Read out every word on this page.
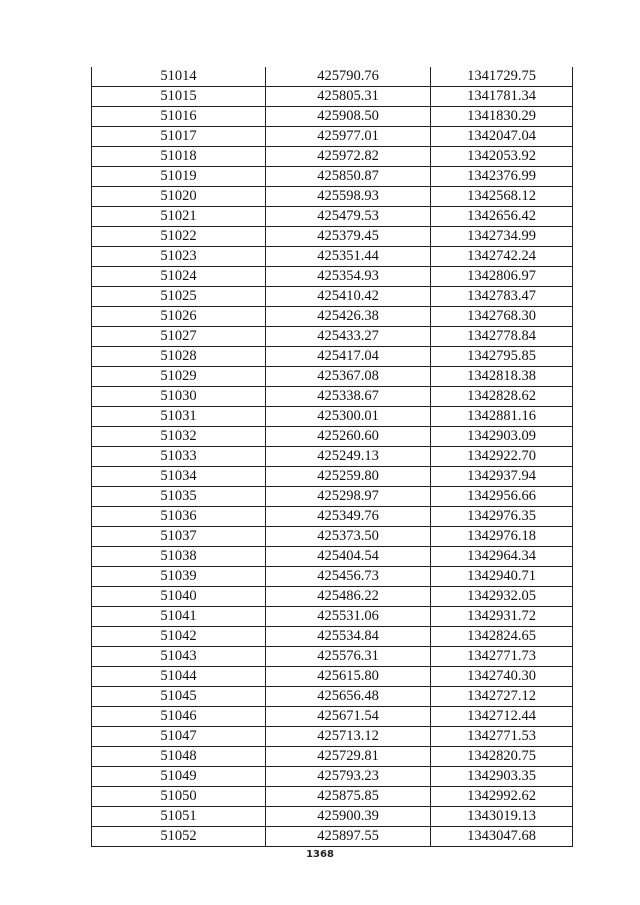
51014	425790.76	1341729.75
51015	425805.31	1341781.34
51016	425908.50	1341830.29
51017	425977.01	1342047.04
51018	425972.82	1342053.92
51019	425850.87	1342376.99
51020	425598.93	1342568.12
51021	425479.53	1342656.42
51022	425379.45	1342734.99
51023	425351.44	1342742.24
51024	425354.93	1342806.97
51025	425410.42	1342783.47
51026	425426.38	1342768.30
51027	425433.27	1342778.84
51028	425417.04	1342795.85
51029	425367.08	1342818.38
51030	425338.67	1342828.62
51031	425300.01	1342881.16
51032	425260.60	1342903.09
51033	425249.13	1342922.70
51034	425259.80	1342937.94
51035	425298.97	1342956.66
51036	425349.76	1342976.35
51037	425373.50	1342976.18
51038	425404.54	1342964.34
51039	425456.73	1342940.71
51040	425486.22	1342932.05
51041	425531.06	1342931.72
51042	425534.84	1342824.65
51043	425576.31	1342771.73
51044	425615.80	1342740.30
51045	425656.48	1342727.12
51046	425671.54	1342712.44
51047	425713.12	1342771.53
51048	425729.81	1342820.75
51049	425793.23	1342903.35
51050	425875.85	1342992.62
51051	425900.39	1343019.13
51052	425897.55	1343047.68
1368
